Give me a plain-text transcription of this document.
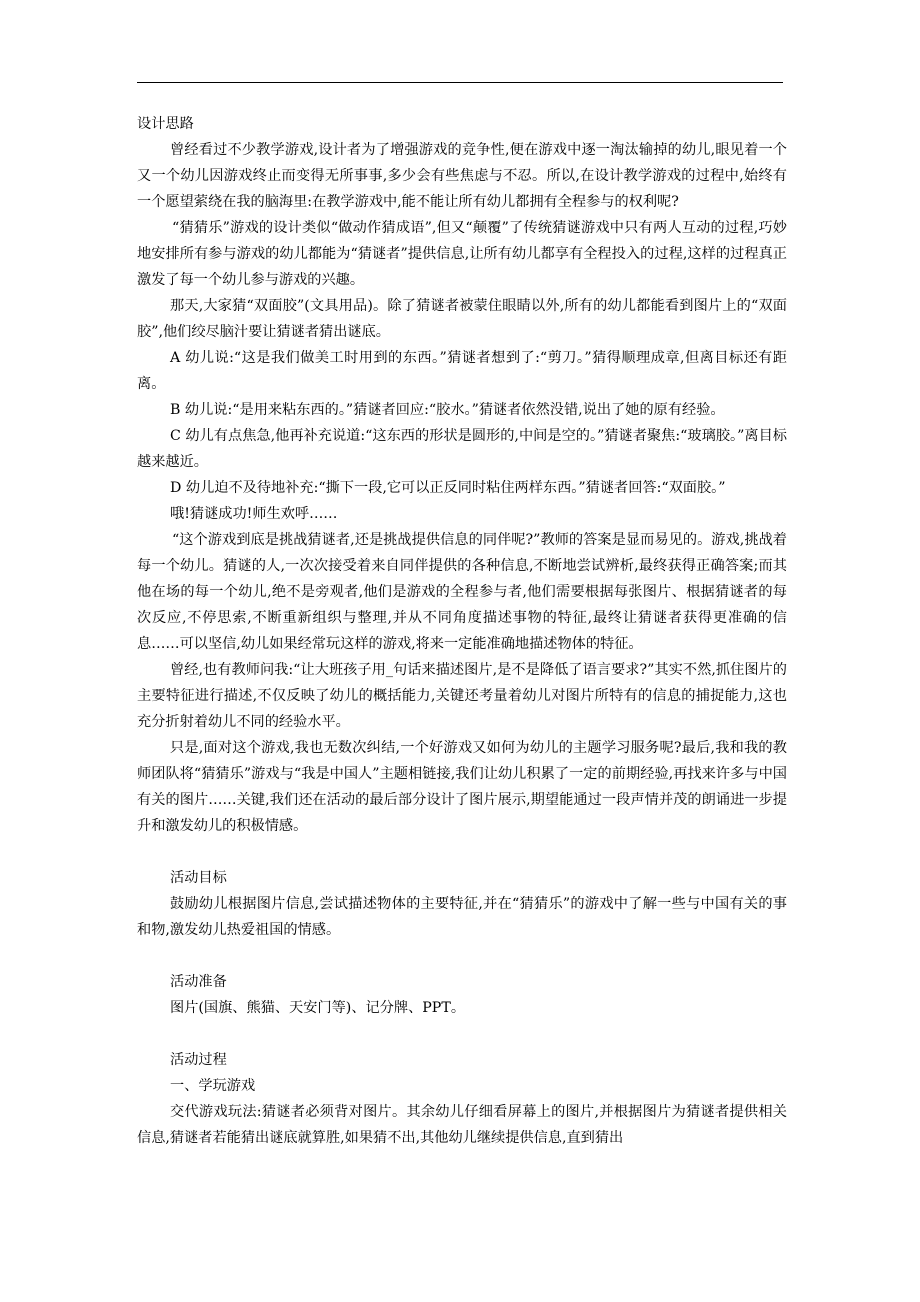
设计思路

曾经看过不少教学游戏,设计者为了增强游戏的竞争性,便在游戏中逐一淘汰输掉的幼儿,眼见着一个又一个幼儿因游戏终止而变得无所事事,多少会有些焦虑与不忍。所以,在设计教学游戏的过程中,始终有一个愿望萦绕在我的脑海里:在教学游戏中,能不能让所有幼儿都拥有全程参与的权利呢?

“猜猜乐”游戏的设计类似“做动作猜成语”,但又“颠覆”了传统猜谜游戏中只有两人互动的过程,巧妙地安排所有参与游戏的幼儿都能为“猜谜者”提供信息,让所有幼儿都享有全程投入的过程,这样的过程真正激发了每一个幼儿参与游戏的兴趣。

那天,大家猜“双面胶”(文具用品)。除了猜谜者被蒙住眼睛以外,所有的幼儿都能看到图片上的“双面胶”,他们绞尽脑汁要让猜谜者猜出谜底。

A 幼儿说:“这是我们做美工时用到的东西。”猜谜者想到了:“剪刀。”猜得顺理成章,但离目标还有距离。

B 幼儿说:“是用来粘东西的。”猜谜者回应:“胶水。”猜谜者依然没错,说出了她的原有经验。

C 幼儿有点焦急,他再补充说道:“这东西的形状是圆形的,中间是空的。”猜谜者聚焦:“玻璃胶。”离目标越来越近。

D 幼儿迫不及待地补充:“撕下一段,它可以正反同时粘住两样东西。”猜谜者回答:“双面胶。”

哦!猜谜成功!师生欢呼……

“这个游戏到底是挑战猜谜者,还是挑战提供信息的同伴呢?”教师的答案是显而易见的。游戏,挑战着每一个幼儿。猜谜的人,一次次接受着来自同伴提供的各种信息,不断地尝试辨析,最终获得正确答案;而其他在场的每一个幼儿,绝不是旁观者,他们是游戏的全程参与者,他们需要根据每张图片、根据猜谜者的每次反应,不停思索,不断重新组织与整理,并从不同角度描述事物的特征,最终让猜谜者获得更准确的信息……可以坚信,幼儿如果经常玩这样的游戏,将来一定能准确地描述物体的特征。

曾经,也有教师问我:“让大班孩子用_句话来描述图片,是不是降低了语言要求?”其实不然,抓住图片的主要特征进行描述,不仅反映了幼儿的概括能力,关键还考量着幼儿对图片所特有的信息的捕捉能力,这也充分折射着幼儿不同的经验水平。

只是,面对这个游戏,我也无数次纠结,一个好游戏又如何为幼儿的主题学习服务呢?最后,我和我的教师团队将“猜猜乐”游戏与“我是中国人”主题相链接,我们让幼儿积累了一定的前期经验,再找来许多与中国有关的图片……关键,我们还在活动的最后部分设计了图片展示,期望能通过一段声情并茂的朗诵进一步提升和激发幼儿的积极情感。

活动目标

鼓励幼儿根据图片信息,尝试描述物体的主要特征,并在“猜猜乐”的游戏中了解一些与中国有关的事和物,激发幼儿热爱祖国的情感。

活动准备

图片(国旗、熊猫、天安门等)、记分牌、PPT。

活动过程

一、学玩游戏

交代游戏玩法:猜谜者必须背对图片。其余幼儿仔细看屏幕上的图片,并根据图片为猜谜者提供相关信息,猜谜者若能猜出谜底就算胜,如果猜不出,其他幼儿继续提供信息,直到猜出
